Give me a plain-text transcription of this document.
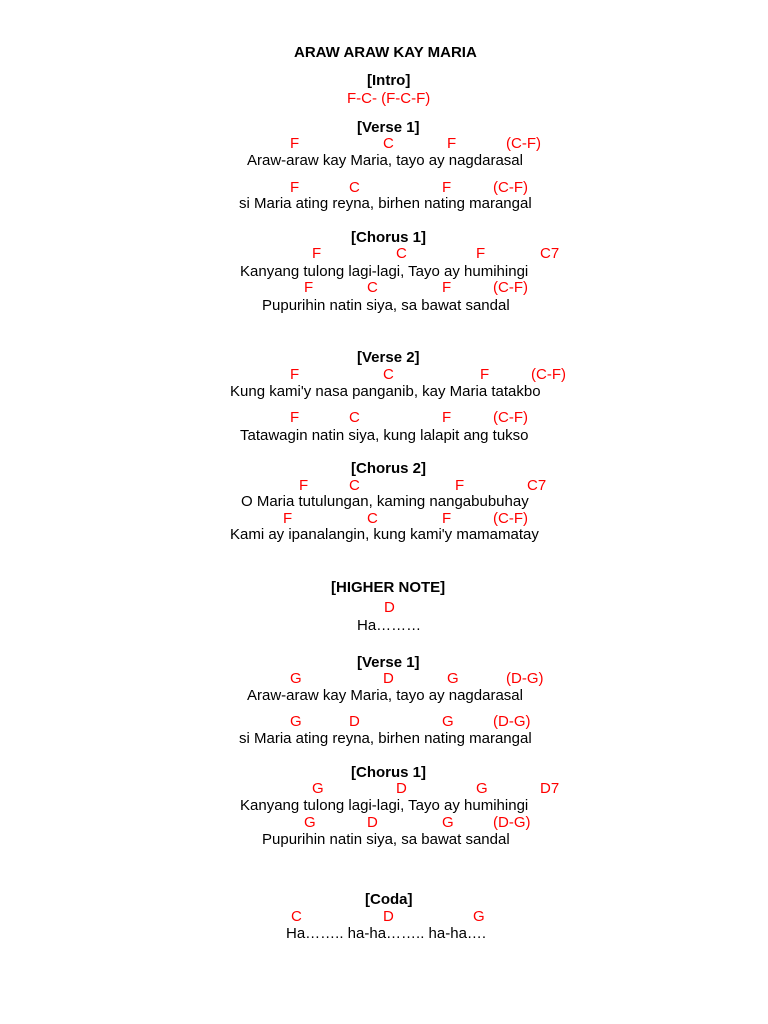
ARAW ARAW KAY MARIA
[Intro]
F-C- (F-C-F)
[Verse 1]
F	C	F	(C-F)
Araw-araw kay Maria, tayo ay nagdarasal
F	C	F	(C-F)
si Maria ating reyna, birhen nating marangal
[Chorus 1]
F	C	F	C7
Kanyang tulong lagi-lagi, Tayo ay humihingi
F	C	F	(C-F)
Pupurihin natin siya, sa bawat sandal
[Verse 2]
F	C	F	(C-F)
Kung kami'y nasa panganib, kay Maria tatakbo
F	C	F	(C-F)
Tatawagin natin siya, kung lalapit ang tukso
[Chorus 2]
F	C	F	C7
O Maria tutulungan, kaming nangabubuhay
F	C	F	(C-F)
Kami ay ipanalangin, kung kami'y mamamatay
[HIGHER NOTE]
D
Ha………
[Verse 1]
G	D	G	(D-G)
Araw-araw kay Maria, tayo ay nagdarasal
G	D	G	(D-G)
si Maria ating reyna, birhen nating marangal
[Chorus 1]
G	D	G	D7
Kanyang tulong lagi-lagi, Tayo ay humihingi
G	D	G	(D-G)
Pupurihin natin siya, sa bawat sandal
[Coda]
C	D	G
Ha…….. ha-ha…….. ha-ha….
